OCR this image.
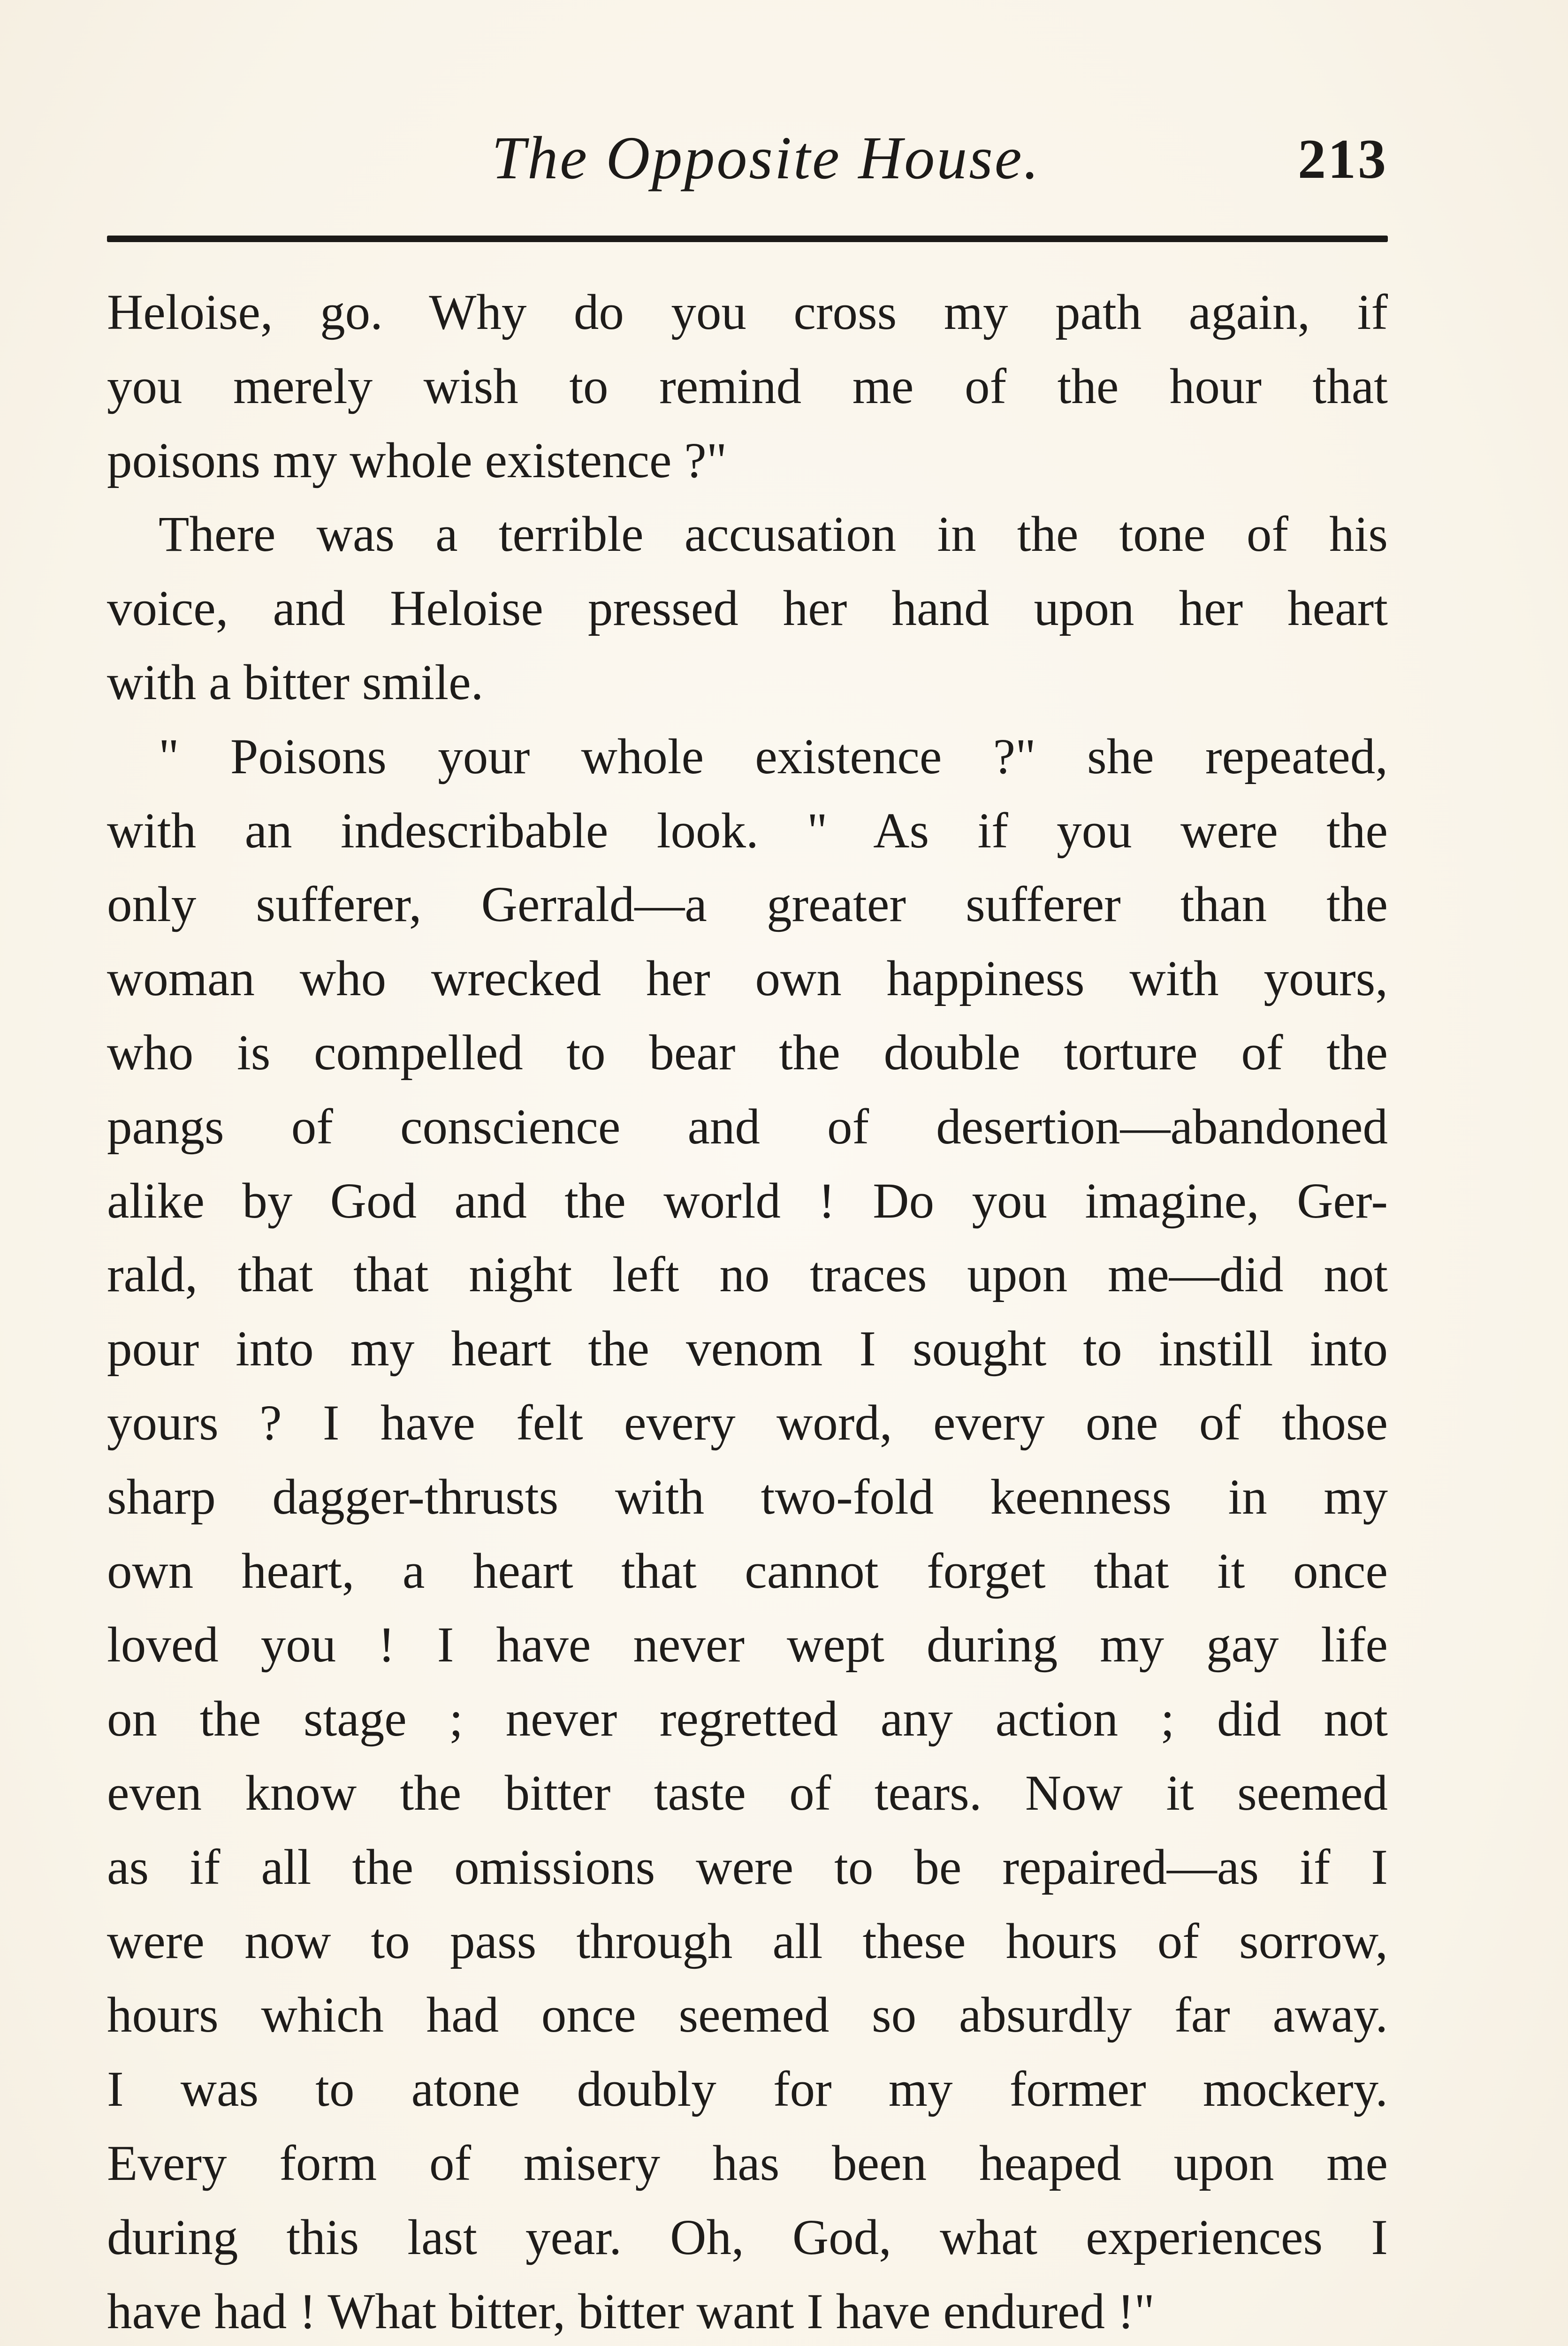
The Opposite House.	213
Heloise, go. Why do you cross my path again, if
you merely wish to remind me of the hour that
poisons my whole existence ?"
There was a terrible accusation in the tone of his
voice, and Heloise pressed her hand upon her heart
with a bitter smile.
" Poisons your whole existence ?" she repeated,
with an indescribable look. " As if you were the
only sufferer, Gerrald—a greater sufferer than the
woman who wrecked her own happiness with yours,
who is compelled to bear the double torture of the
pangs of conscience and of desertion—abandoned
alike by God and the world ! Do you imagine, Ger-
rald, that that night left no traces upon me—did not
pour into my heart the venom I sought to instill into
yours ? I have felt every word, every one of those
sharp dagger-thrusts with two-fold keenness in my
own heart, a heart that cannot forget that it once
loved you ! I have never wept during my gay life
on the stage ; never regretted any action ; did not
even know the bitter taste of tears. Now it seemed
as if all the omissions were to be repaired—as if I
were now to pass through all these hours of sorrow,
hours which had once seemed so absurdly far away.
I was to atone doubly for my former mockery.
Every form of misery has been heaped upon me
during this last year. Oh, God, what experiences I
have had ! What bitter, bitter want I have endured !"
